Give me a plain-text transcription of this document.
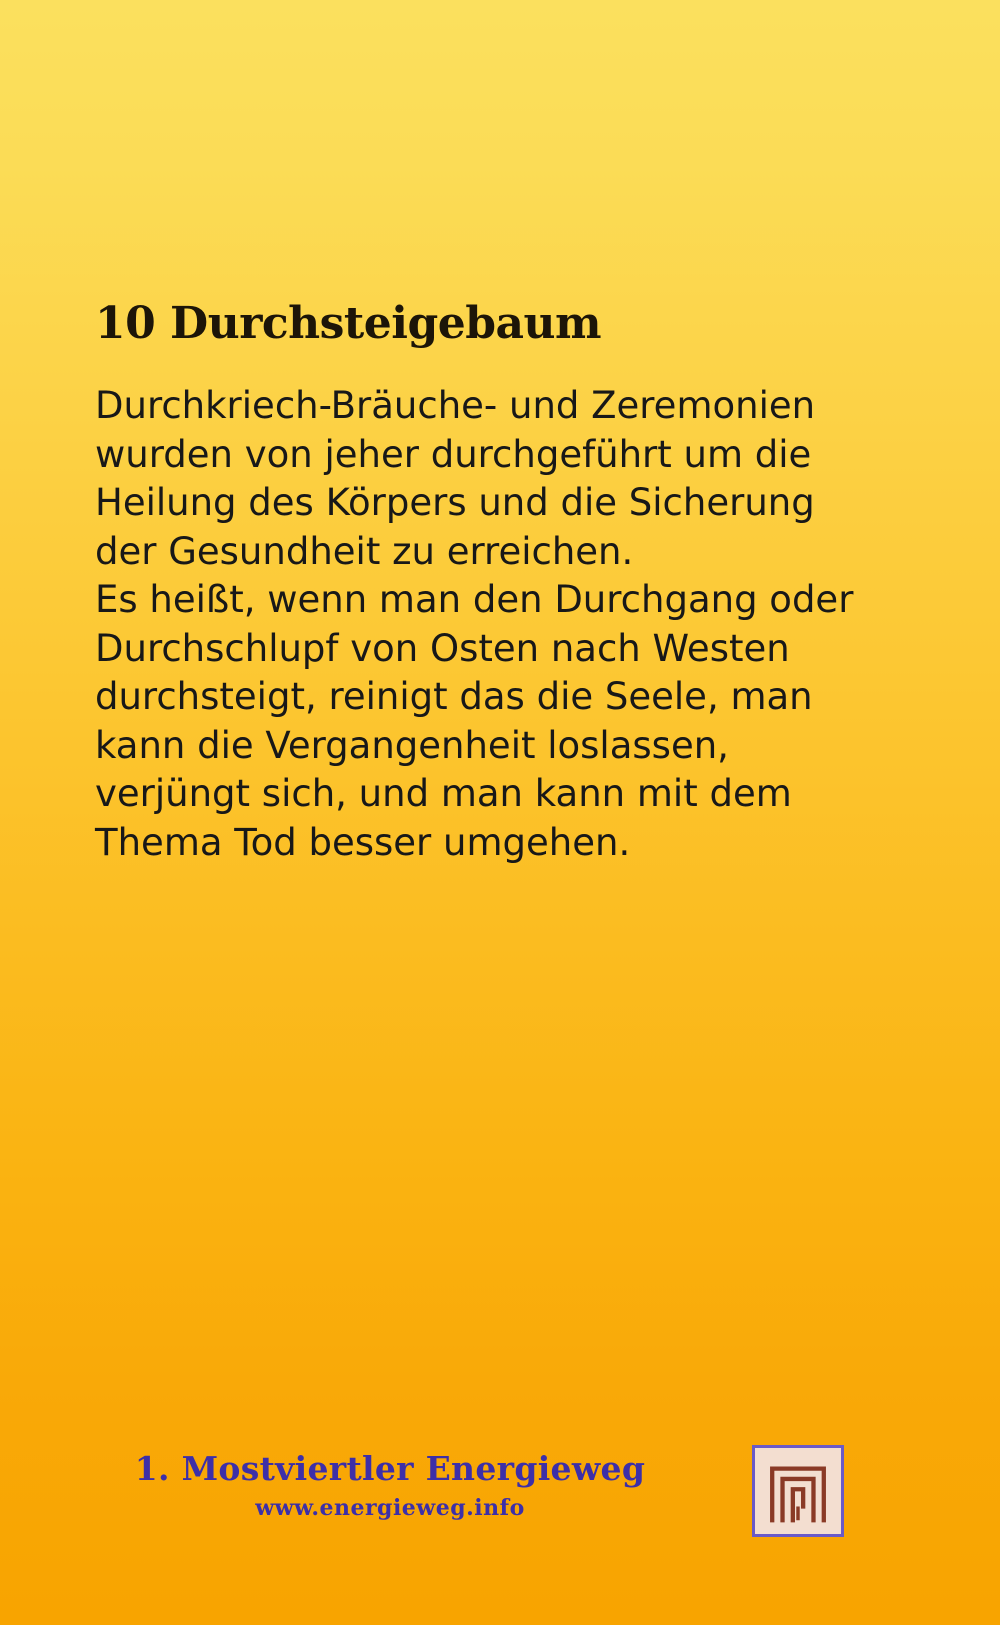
10 Durchsteigebaum

Durchkriech-Bräuche- und Zeremonien wurden von jeher durchgeführt um die Heilung des Körpers und die Sicherung der Gesundheit zu erreichen.

Es heißt, wenn man den Durchgang oder Durchschlupf von Osten nach Westen durchsteigt, reinigt das die Seele, man kann die Vergangenheit loslassen, verjüngt sich, und man kann mit dem Thema Tod besser umgehen.

1. Mostviertler Energieweg
www.energieweg.info
